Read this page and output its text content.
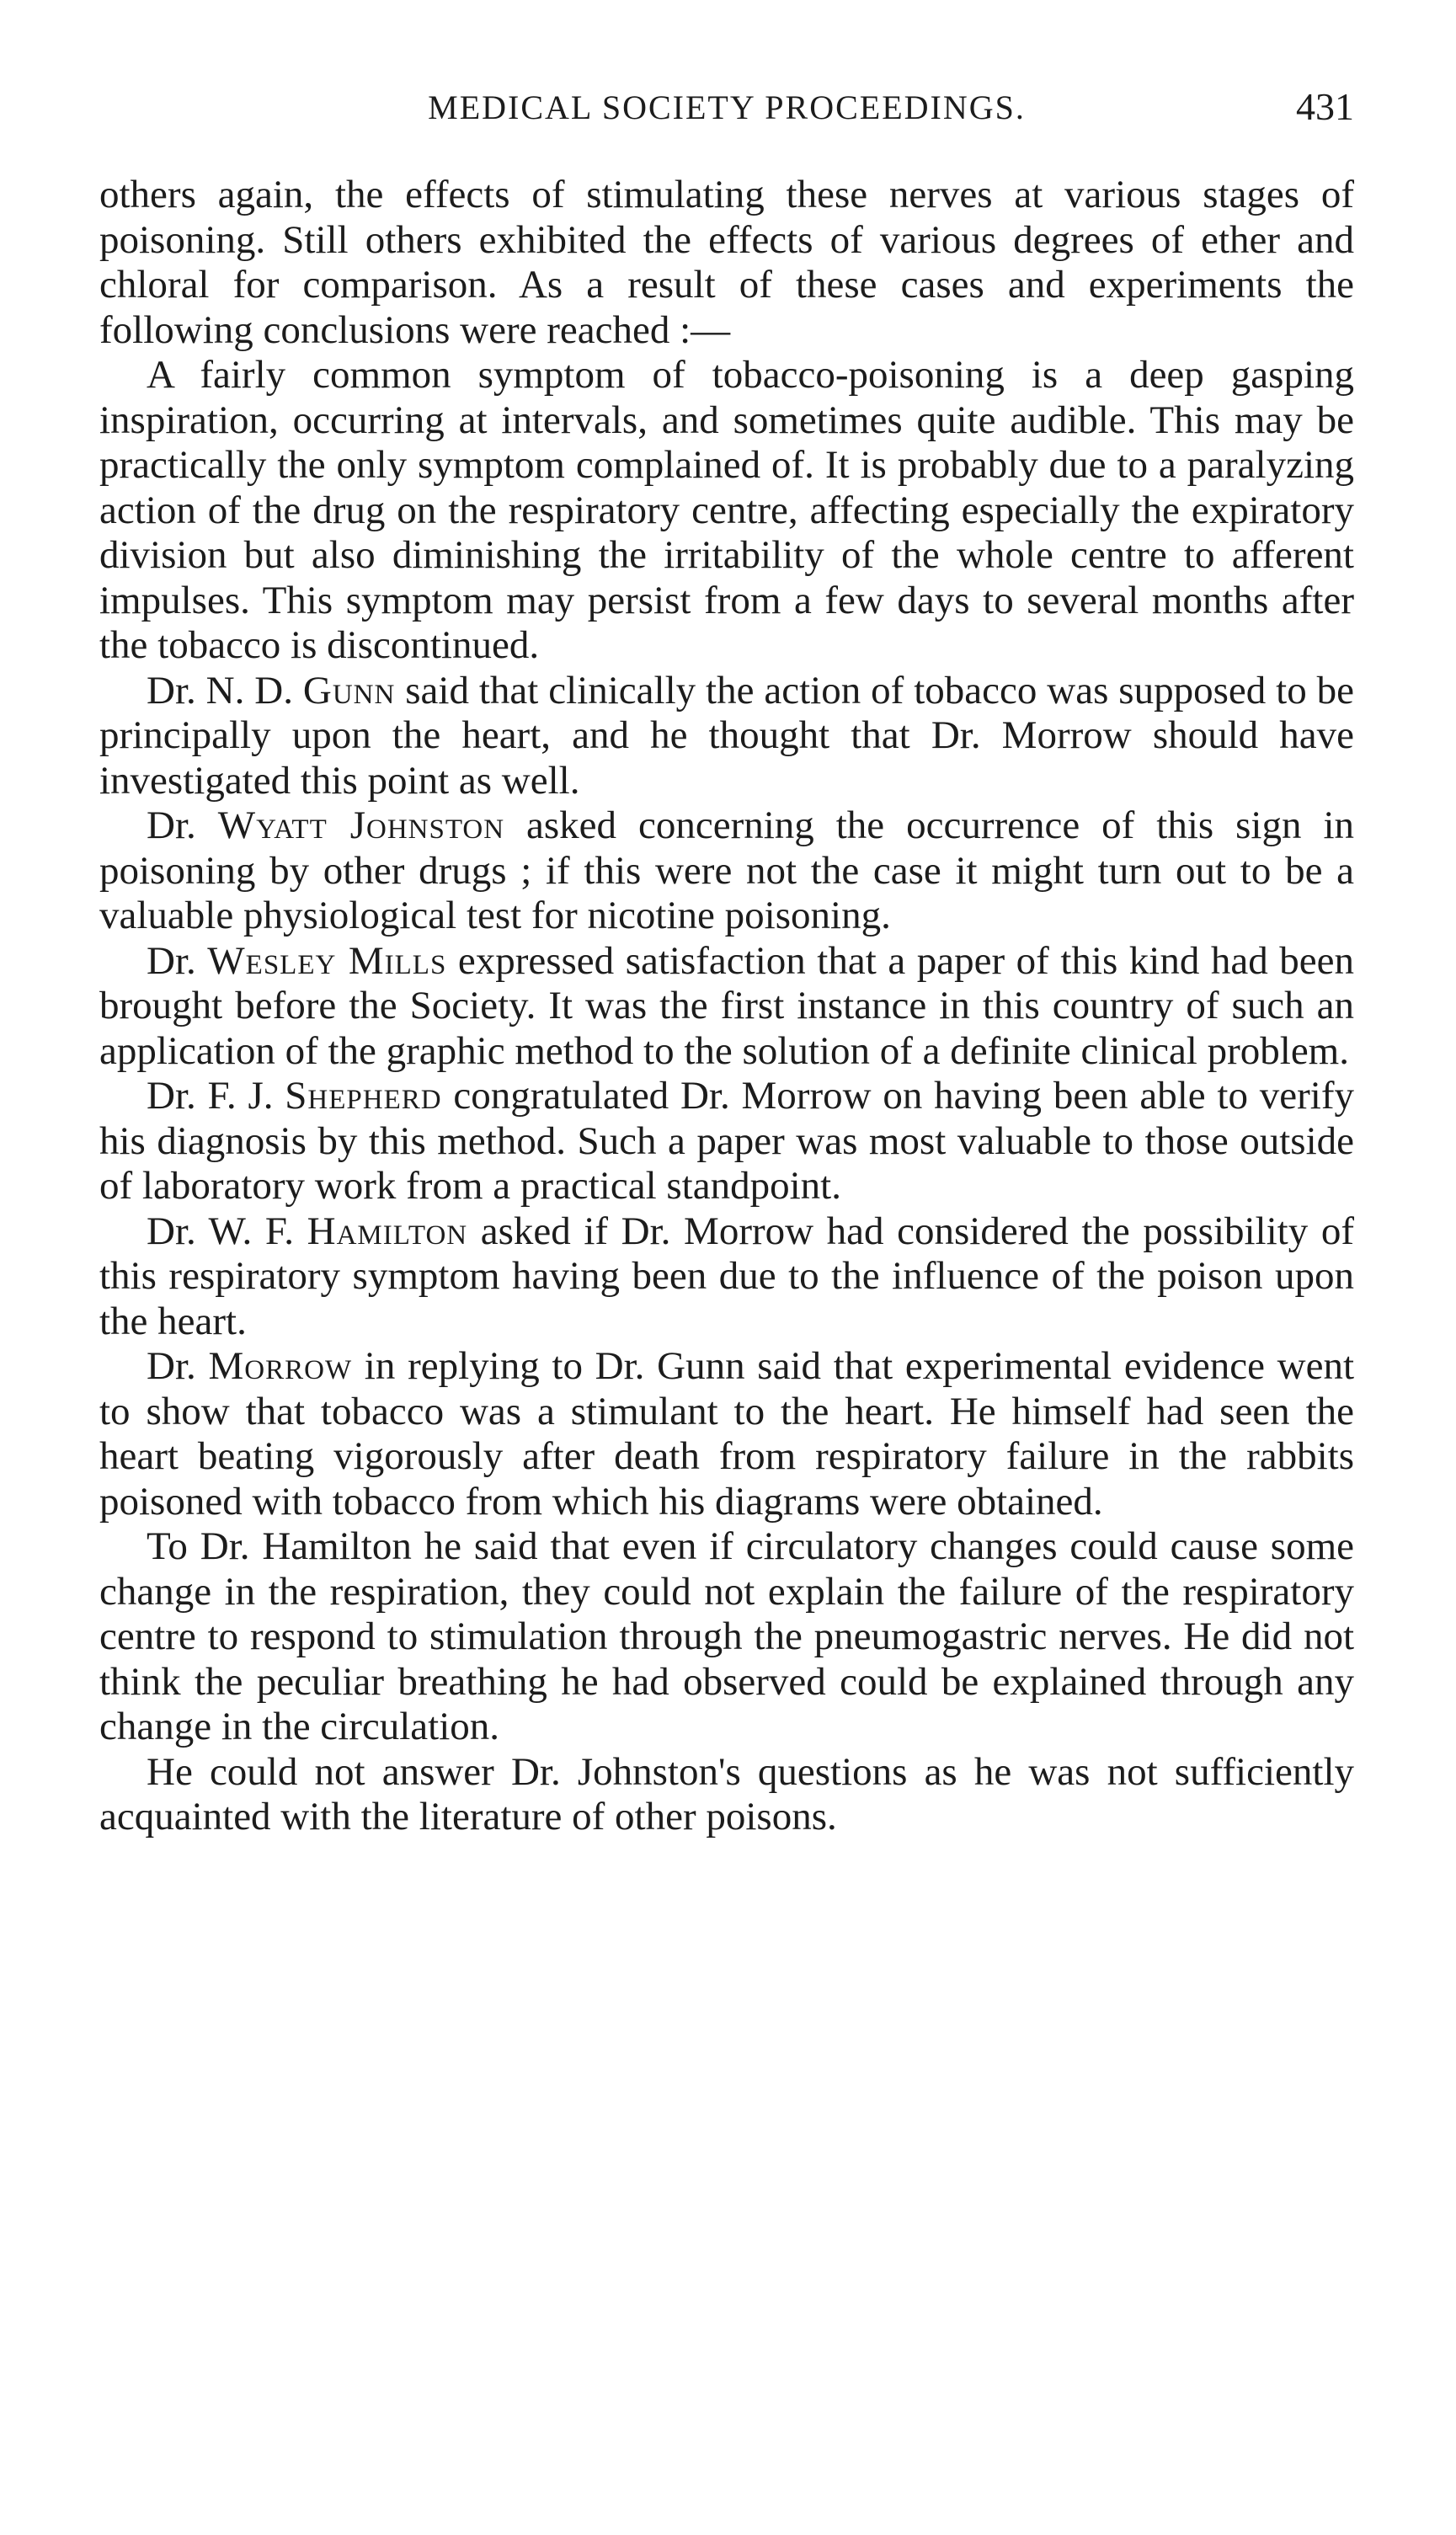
MEDICAL SOCIETY PROCEEDINGS.	431

others again, the effects of stimulating these nerves at various stages of poisoning. Still others exhibited the effects of various degrees of ether and chloral for comparison. As a result of these cases and experiments the following conclusions were reached :—

A fairly common symptom of tobacco-poisoning is a deep gasping inspiration, occurring at intervals, and sometimes quite audible. This may be practically the only symptom complained of. It is probably due to a paralyzing action of the drug on the respiratory centre, affecting especially the expiratory division but also diminishing the irritability of the whole centre to afferent impulses. This symptom may persist from a few days to several months after the tobacco is discontinued.

Dr. N. D. Gunn said that clinically the action of tobacco was supposed to be principally upon the heart, and he thought that Dr. Morrow should have investigated this point as well.

Dr. Wyatt Johnston asked concerning the occurrence of this sign in poisoning by other drugs ; if this were not the case it might turn out to be a valuable physiological test for nicotine poisoning.

Dr. Wesley Mills expressed satisfaction that a paper of this kind had been brought before the Society. It was the first instance in this country of such an application of the graphic method to the solution of a definite clinical problem.

Dr. F. J. Shepherd congratulated Dr. Morrow on having been able to verify his diagnosis by this method. Such a paper was most valuable to those outside of laboratory work from a practical standpoint.

Dr. W. F. Hamilton asked if Dr. Morrow had considered the possibility of this respiratory symptom having been due to the influence of the poison upon the heart.

Dr. Morrow in replying to Dr. Gunn said that experimental evidence went to show that tobacco was a stimulant to the heart. He himself had seen the heart beating vigorously after death from respiratory failure in the rabbits poisoned with tobacco from which his diagrams were obtained.

To Dr. Hamilton he said that even if circulatory changes could cause some change in the respiration, they could not explain the failure of the respiratory centre to respond to stimulation through the pneumogastric nerves. He did not think the peculiar breathing he had observed could be explained through any change in the circulation.

He could not answer Dr. Johnston's questions as he was not sufficiently acquainted with the literature of other poisons.
